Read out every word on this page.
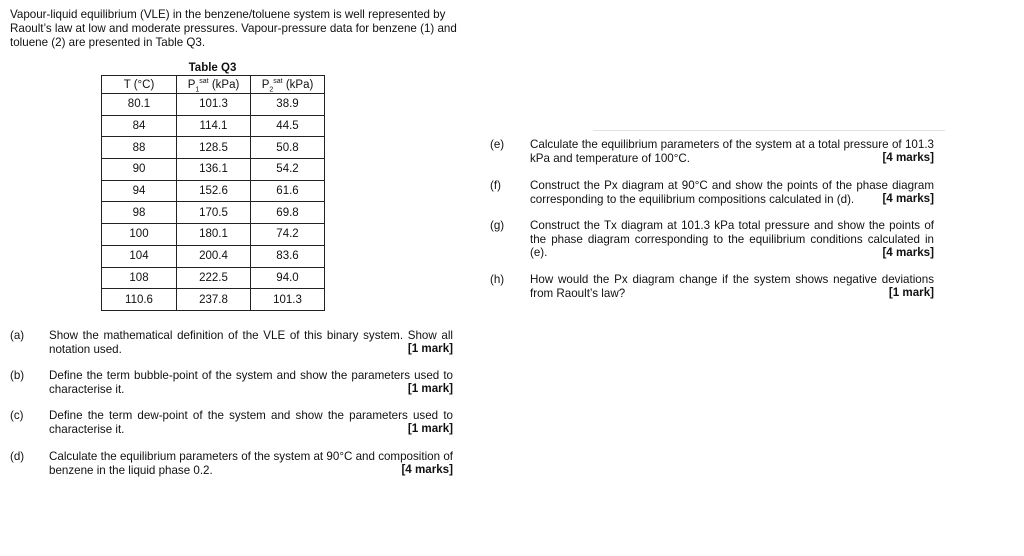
Vapour-liquid equilibrium (VLE) in the benzene/toluene system is well represented by Raoult’s law at low and moderate pressures. Vapour-pressure data for benzene (1) and toluene (2) are presented in Table Q3.
Table Q3
T (°C)	$P_1^{sat}$ (kPa)	$P_2^{sat}$ (kPa)
80.1	101.3	38.9
84	114.1	44.5
88	128.5	50.8
90	136.1	54.2
94	152.6	61.6
98	170.5	69.8
100	180.1	74.2
104	200.4	83.6
108	222.5	94.0
110.6	237.8	101.3
(a) Show the mathematical definition of the VLE of this binary system. Show all notation used.	[1 mark]
(b) Define the term bubble-point of the system and show the parameters used to characterise it.	[1 mark]
(c) Define the term dew-point of the system and show the parameters used to characterise it.	[1 mark]
(d) Calculate the equilibrium parameters of the system at 90°C and composition of benzene in the liquid phase 0.2.	[4 marks]
(e) Calculate the equilibrium parameters of the system at a total pressure of 101.3 kPa and temperature of 100°C.	[4 marks]
(f)	Construct the Px diagram at 90°C and show the points of the phase diagram corresponding to the equilibrium compositions calculated in (d).	[4 marks]
(g) Construct the Tx diagram at 101.3 kPa total pressure and show the points of the phase diagram corresponding to the equilibrium conditions calculated in (e).	[4 marks]
(h) How would the Px diagram change if the system shows negative deviations from Raoult’s law?	[1 mark]
